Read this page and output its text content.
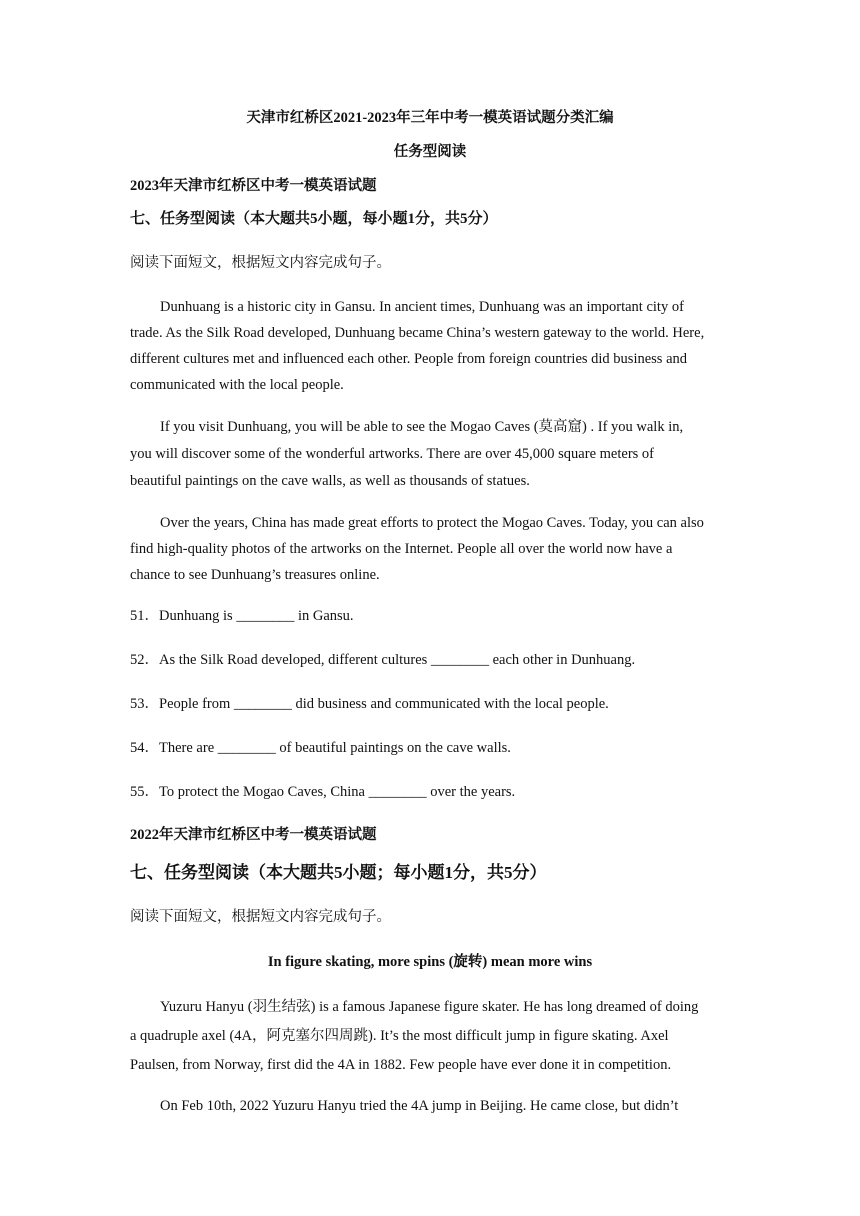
天津市红桥区2021-2023年三年中考一模英语试题分类汇编

任务型阅读

2023年天津市红桥区中考一模英语试题

七、任务型阅读（本大题共5小题，每小题1分，共5分）

阅读下面短文，根据短文内容完成句子。

Dunhuang is a historic city in Gansu. In ancient times, Dunhuang was an important city of
trade. As the Silk Road developed, Dunhuang became China’s western gateway to the world. Here,
different cultures met and influenced each other. People from foreign countries did business and
communicated with the local people.
If you visit Dunhuang, you will be able to see the Mogao Caves (莫高窟) . If you walk in,
you will discover some of the wonderful artworks. There are over 45,000 square meters of
beautiful paintings on the cave walls, as well as thousands of statues.
Over the years, China has made great efforts to protect the Mogao Caves. Today, you can also
find high-quality photos of the artworks on the Internet. People all over the world now have a
chance to see Dunhuang’s treasures online.

51．Dunhuang is ________ in Gansu.

52．As the Silk Road developed, different cultures ________ each other in Dunhuang.

53．People from ________ did business and communicated with the local people.

54．There are ________ of beautiful paintings on the cave walls.

55．To protect the Mogao Caves, China ________ over the years.

2022年天津市红桥区中考一模英语试题

七、任务型阅读（本大题共5小题；每小题1分，共5分）

阅读下面短文，根据短文内容完成句子。

In figure skating, more spins (旋转) mean more wins

Yuzuru Hanyu (羽生结弦) is a famous Japanese figure skater. He has long dreamed of doing
a quadruple axel (4A，阿克塞尔四周跳). It’s the most difficult jump in figure skating. Axel
Paulsen, from Norway, first did the 4A in 1882. Few people have ever done it in competition.
On Feb 10th, 2022 Yuzuru Hanyu tried the 4A jump in Beijing. He came close, but didn’t
